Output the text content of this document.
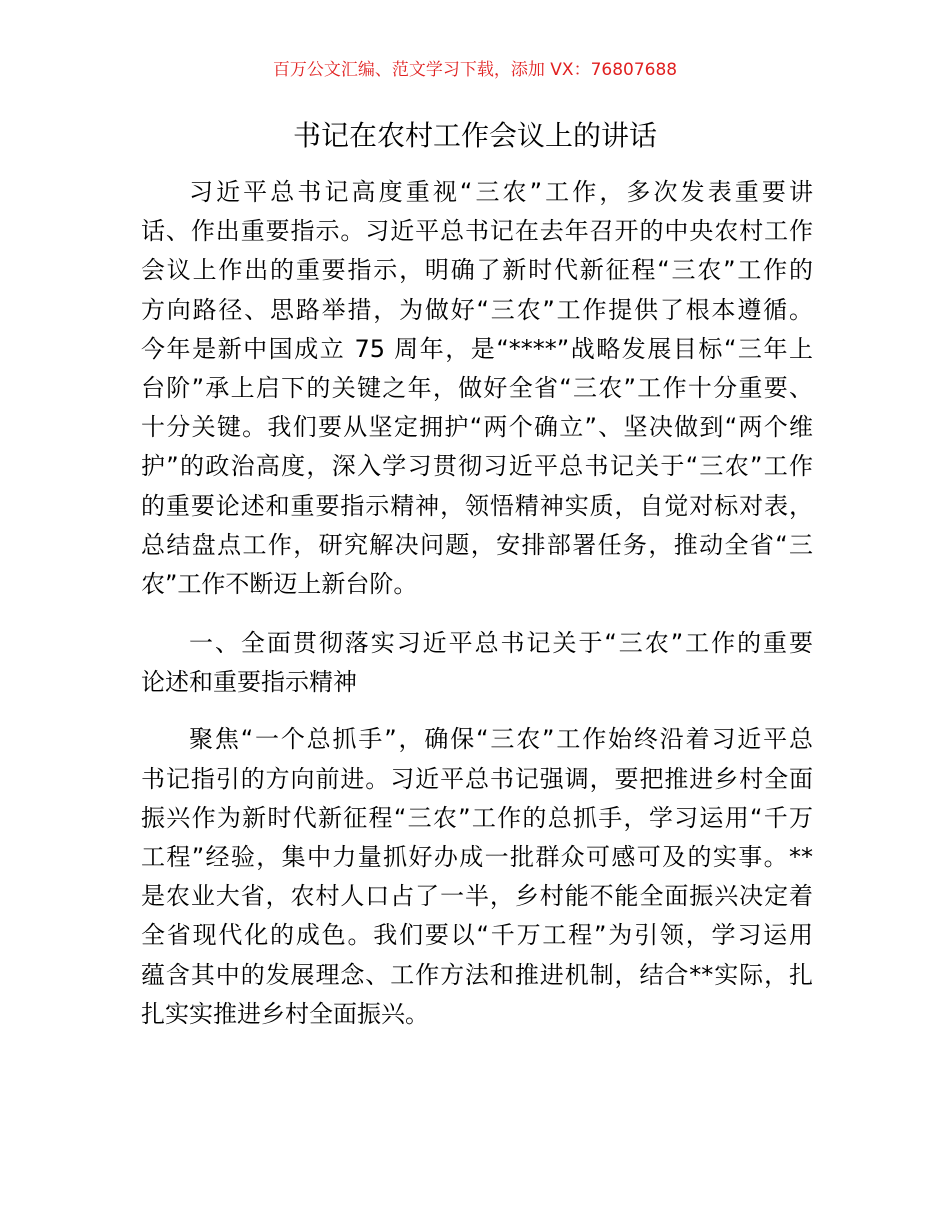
百万公文汇编、范文学习下载，添加 VX：76807688
书记在农村工作会议上的讲话
习近平总书记高度重视“三农”工作，多次发表重要讲
话、作出重要指示。习近平总书记在去年召开的中央农村工作
会议上作出的重要指示，明确了新时代新征程“三农”工作的
方向路径、思路举措，为做好“三农”工作提供了根本遵循。
今年是新中国成立 75 周年，是“****”战略发展目标“三年上
台阶”承上启下的关键之年，做好全省“三农”工作十分重要、
十分关键。我们要从坚定拥护“两个确立”、坚决做到“两个维
护”的政治高度，深入学习贯彻习近平总书记关于“三农”工作
的重要论述和重要指示精神，领悟精神实质，自觉对标对表，
总结盘点工作，研究解决问题，安排部署任务，推动全省“三
农”工作不断迈上新台阶。
一、全面贯彻落实习近平总书记关于“三农”工作的重要
论述和重要指示精神
聚焦“一个总抓手”，确保“三农”工作始终沿着习近平总
书记指引的方向前进。习近平总书记强调，要把推进乡村全面
振兴作为新时代新征程“三农”工作的总抓手，学习运用“千万
工程”经验，集中力量抓好办成一批群众可感可及的实事。**
是农业大省，农村人口占了一半，乡村能不能全面振兴决定着
全省现代化的成色。我们要以“千万工程”为引领，学习运用
蕴含其中的发展理念、工作方法和推进机制，结合**实际，扎
扎实实推进乡村全面振兴。
